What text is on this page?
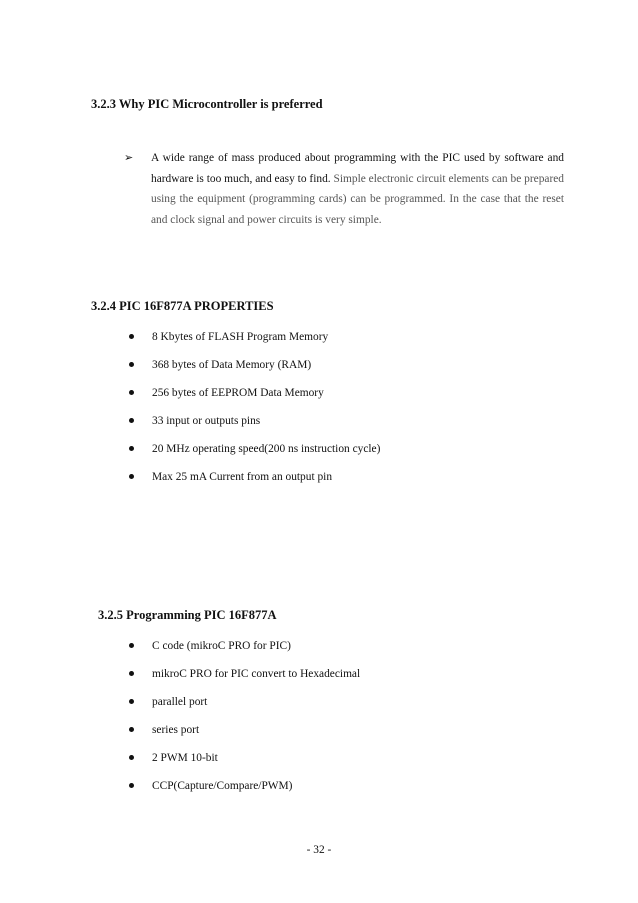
3.2.3 Why PIC Microcontroller is preferred
➢ A wide range of mass produced about programming with the PIC used by software and hardware is too much, and easy to find. Simple electronic circuit elements can be prepared using the equipment (programming cards) can be programmed. In the case that the reset and clock signal and power circuits is very simple.
3.2.4 PIC 16F877A PROPERTIES
8 Kbytes of FLASH Program Memory
368 bytes of Data Memory (RAM)
256 bytes of EEPROM Data Memory
33 input or outputs pins
20 MHz operating speed(200 ns instruction cycle)
Max 25 mA Current from an output pin
3.2.5 Programming PIC 16F877A
C code (mikroC PRO for PIC)
mikroC PRO for PIC convert to Hexadecimal
parallel port
series port
2 PWM 10-bit
CCP(Capture/Compare/PWM)
- 32 -
